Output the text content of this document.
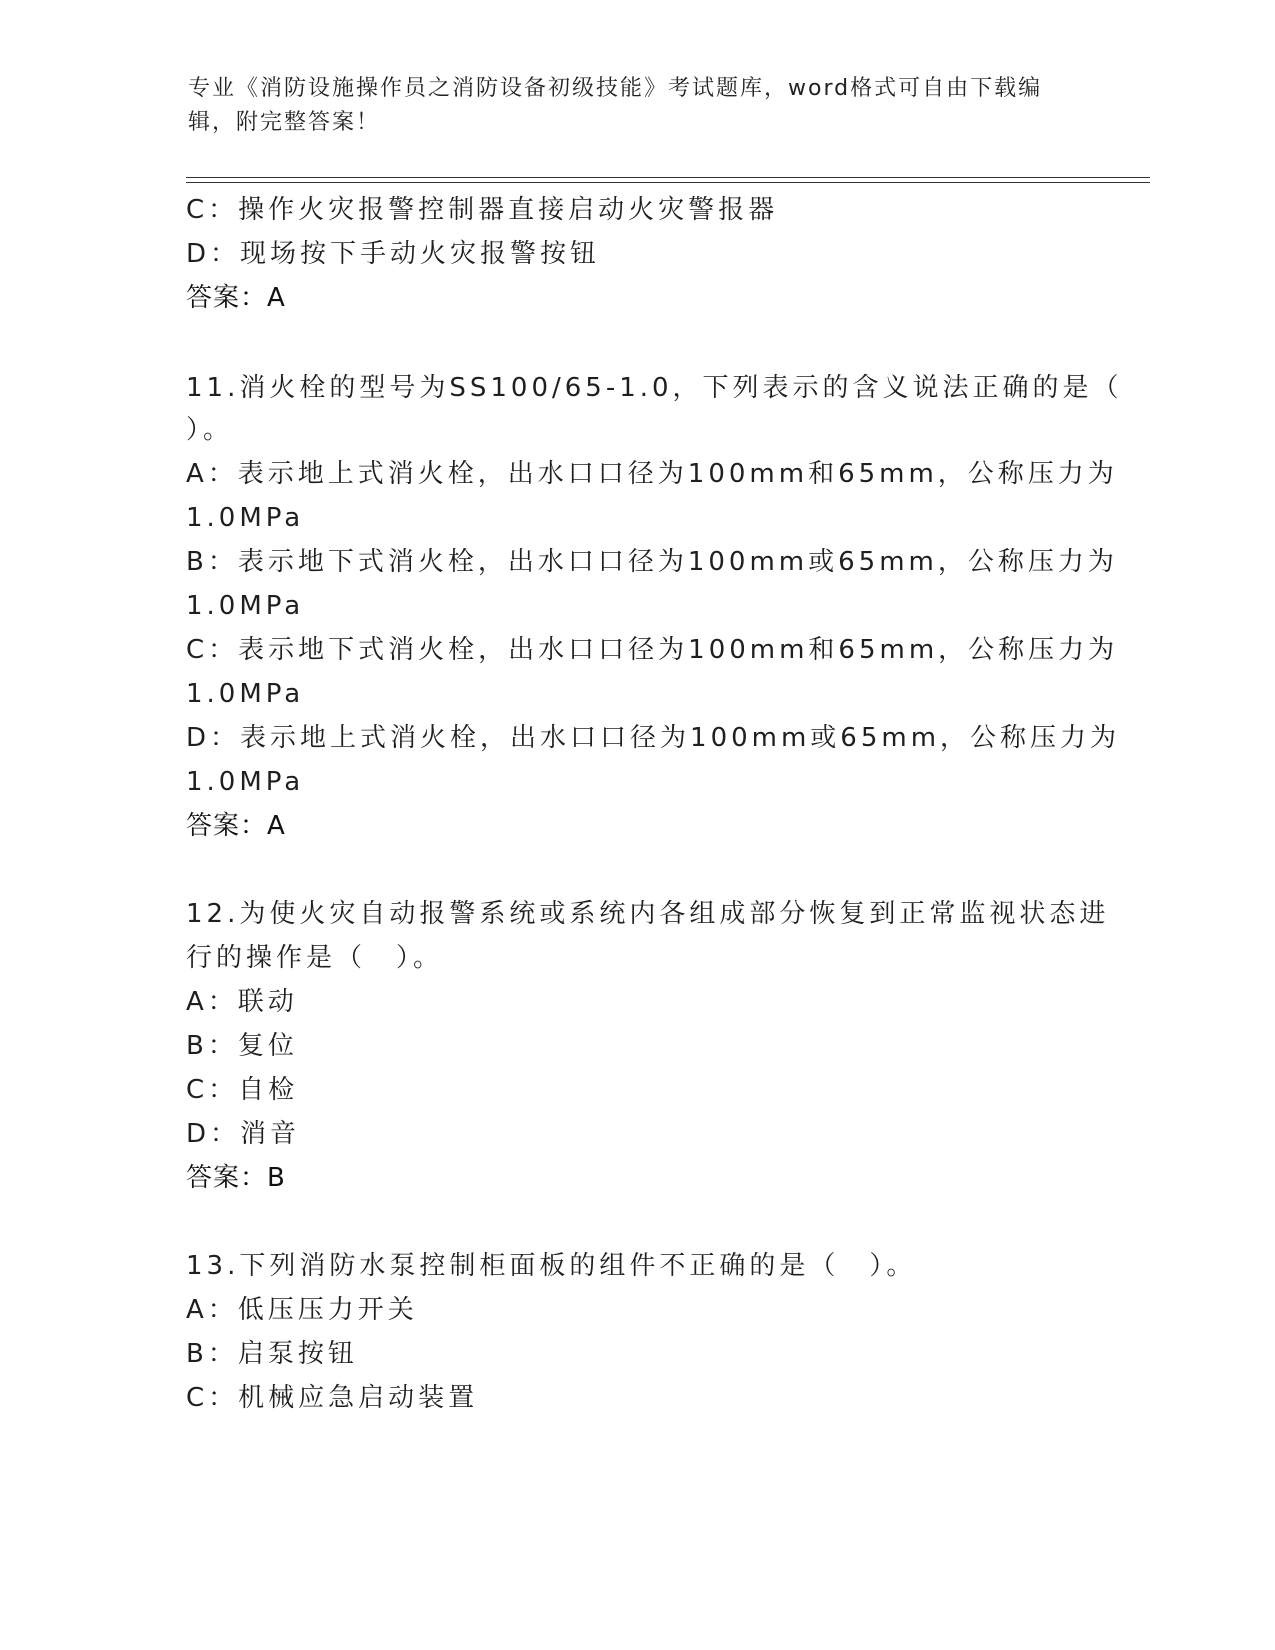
专业《消防设施操作员之消防设备初级技能》考试题库，word格式可自由下载编

辑，附完整答案！

C：操作火灾报警控制器直接启动火灾警报器

D：现场按下手动火灾报警按钮

答案：A

11.消火栓的型号为SS100/65-1.0，下列表示的含义说法正确的是（

）。

A：表示地上式消火栓，出水口口径为100mm和65mm，公称压力为

1.0MPa

B：表示地下式消火栓，出水口口径为100mm或65mm，公称压力为

1.0MPa

C：表示地下式消火栓，出水口口径为100mm和65mm，公称压力为

1.0MPa

D：表示地上式消火栓，出水口口径为100mm或65mm，公称压力为

1.0MPa

答案：A

12.为使火灾自动报警系统或系统内各组成部分恢复到正常监视状态进

行的操作是（　）。

A：联动

B：复位

C：自检

D：消音

答案：B

13.下列消防水泵控制柜面板的组件不正确的是（　）。

A：低压压力开关

B：启泵按钮

C：机械应急启动装置
